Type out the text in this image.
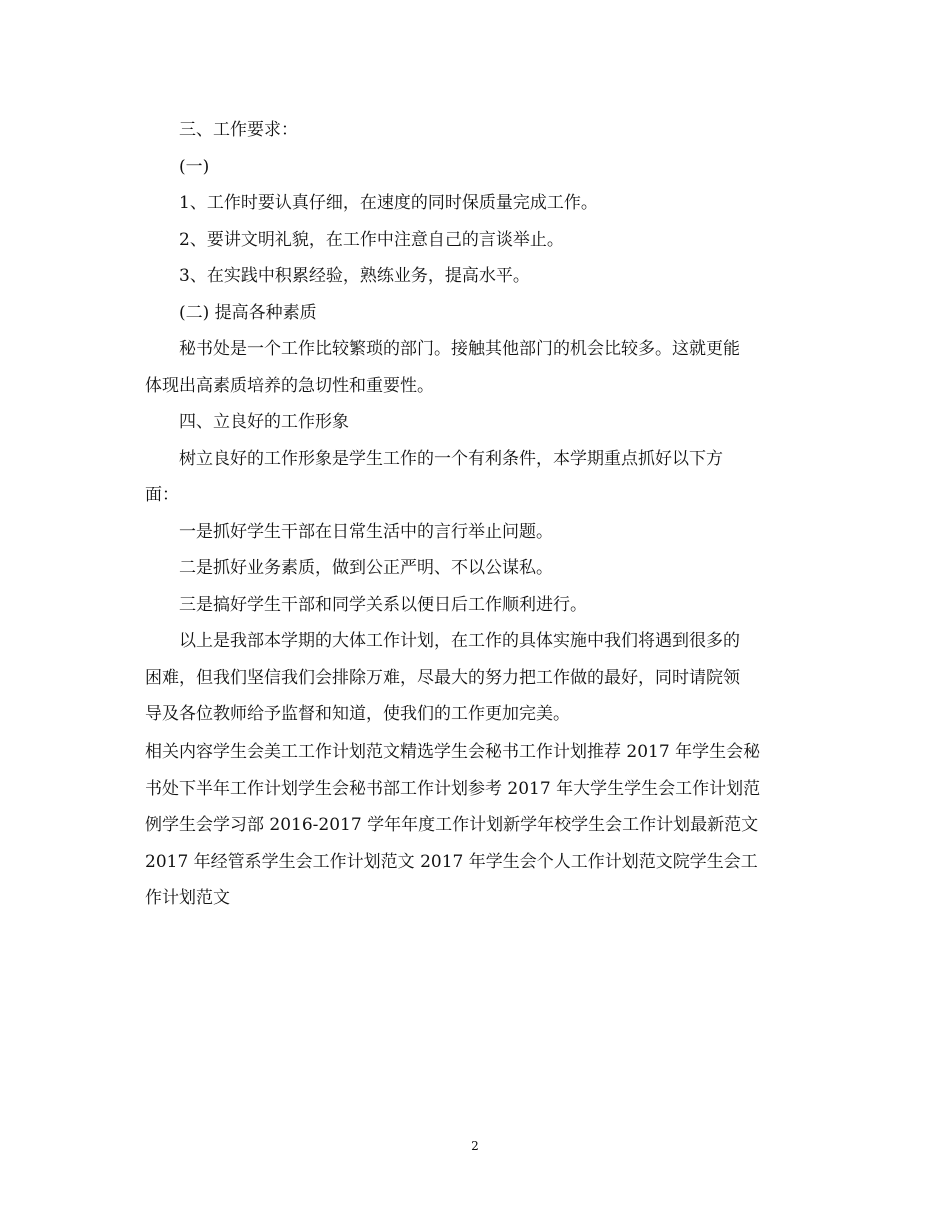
三、工作要求：

(一)

1、工作时要认真仔细，在速度的同时保质量完成工作。

2、要讲文明礼貌，在工作中注意自己的言谈举止。

3、在实践中积累经验，熟练业务，提高水平。

(二) 提高各种素质

秘书处是一个工作比较繁琐的部门。接触其他部门的机会比较多。这就更能

体现出高素质培养的急切性和重要性。

四、立良好的工作形象

树立良好的工作形象是学生工作的一个有利条件，本学期重点抓好以下方

面：

一是抓好学生干部在日常生活中的言行举止问题。

二是抓好业务素质，做到公正严明、不以公谋私。

三是搞好学生干部和同学关系以便日后工作顺利进行。

以上是我部本学期的大体工作计划，在工作的具体实施中我们将遇到很多的

困难，但我们坚信我们会排除万难，尽最大的努力把工作做的最好，同时请院领

导及各位教师给予监督和知道，使我们的工作更加完美。

相关内容学生会美工工作计划范文精选学生会秘书工作计划推荐 2017 年学生会秘

书处下半年工作计划学生会秘书部工作计划参考 2017 年大学生学生会工作计划范

例学生会学习部 2016-2017 学年年度工作计划新学年校学生会工作计划最新范文

2017 年经管系学生会工作计划范文 2017 年学生会个人工作计划范文院学生会工

作计划范文

2
